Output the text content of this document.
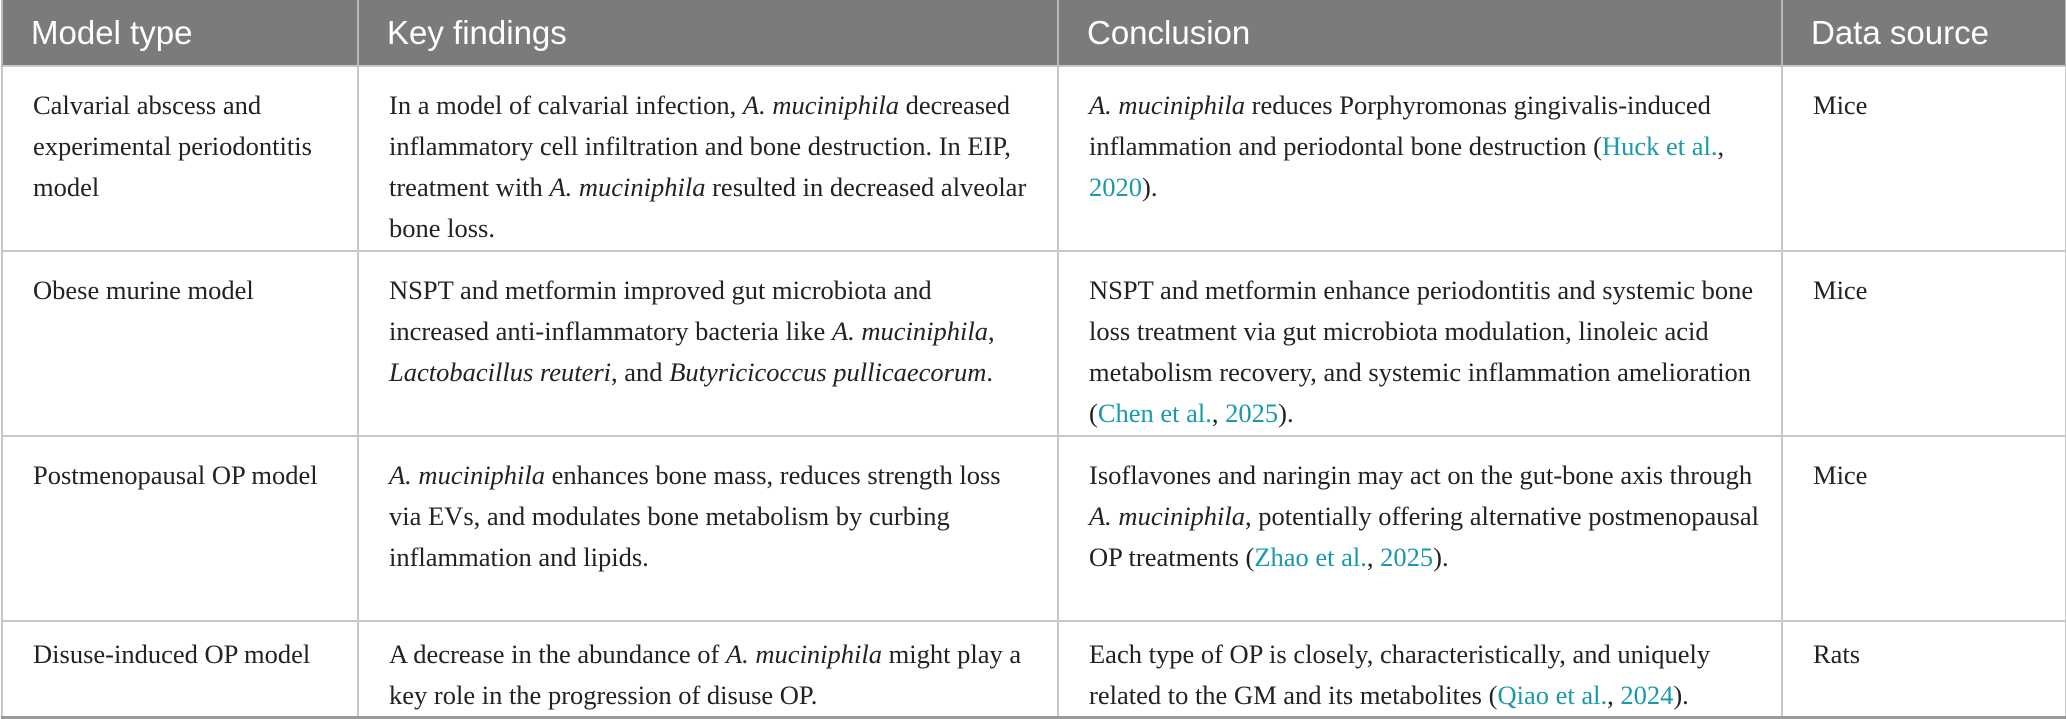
Model type	Key findings	Conclusion	Data source
Calvarial abscess and experimental periodontitis model	In a model of calvarial infection, A. muciniphila decreased inflammatory cell infiltration and bone destruction. In EIP, treatment with A. muciniphila resulted in decreased alveolar bone loss.	A. muciniphila reduces Porphyromonas gingivalis-induced inflammation and periodontal bone destruction (Huck et al., 2020).	Mice
Obese murine model	NSPT and metformin improved gut microbiota and increased anti-inflammatory bacteria like A. muciniphila, Lactobacillus reuteri, and Butyricicoccus pullicaecorum.	NSPT and metformin enhance periodontitis and systemic bone loss treatment via gut microbiota modulation, linoleic acid metabolism recovery, and systemic inflammation amelioration (Chen et al., 2025).	Mice
Postmenopausal OP model	A. muciniphila enhances bone mass, reduces strength loss via EVs, and modulates bone metabolism by curbing inflammation and lipids.	Isoflavones and naringin may act on the gut-bone axis through A. muciniphila, potentially offering alternative postmenopausal OP treatments (Zhao et al., 2025).	Mice
Disuse-induced OP model	A decrease in the abundance of A. muciniphila might play a key role in the progression of disuse OP.	Each type of OP is closely, characteristically, and uniquely related to the GM and its metabolites (Qiao et al., 2024).	Rats
